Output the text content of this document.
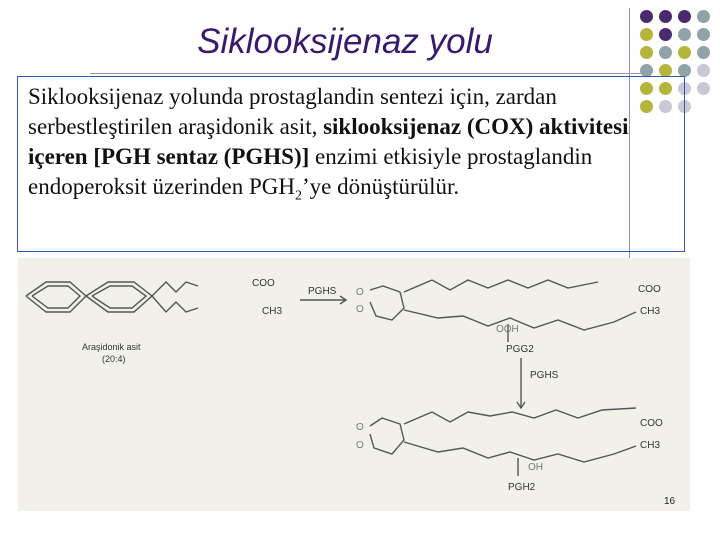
Siklooksijenaz yolu
Siklooksijenaz yolunda prostaglandin sentezi için, zardan serbestleştirilen araşidonik asit, siklooksijenaz (COX) aktivitesi içeren [PGH sentaz (PGHS)] enzimi etkisiyle prostaglandin endoperoksit üzerinden $PGH_2’ye$ dönüştürülür.
COO
CH3
Araşidonik asit
(20:4)
PGHS O
O
COO
CH3
OOH
PGG2
PGHS
O
O
COO
CH3
OH
PGH2
16
